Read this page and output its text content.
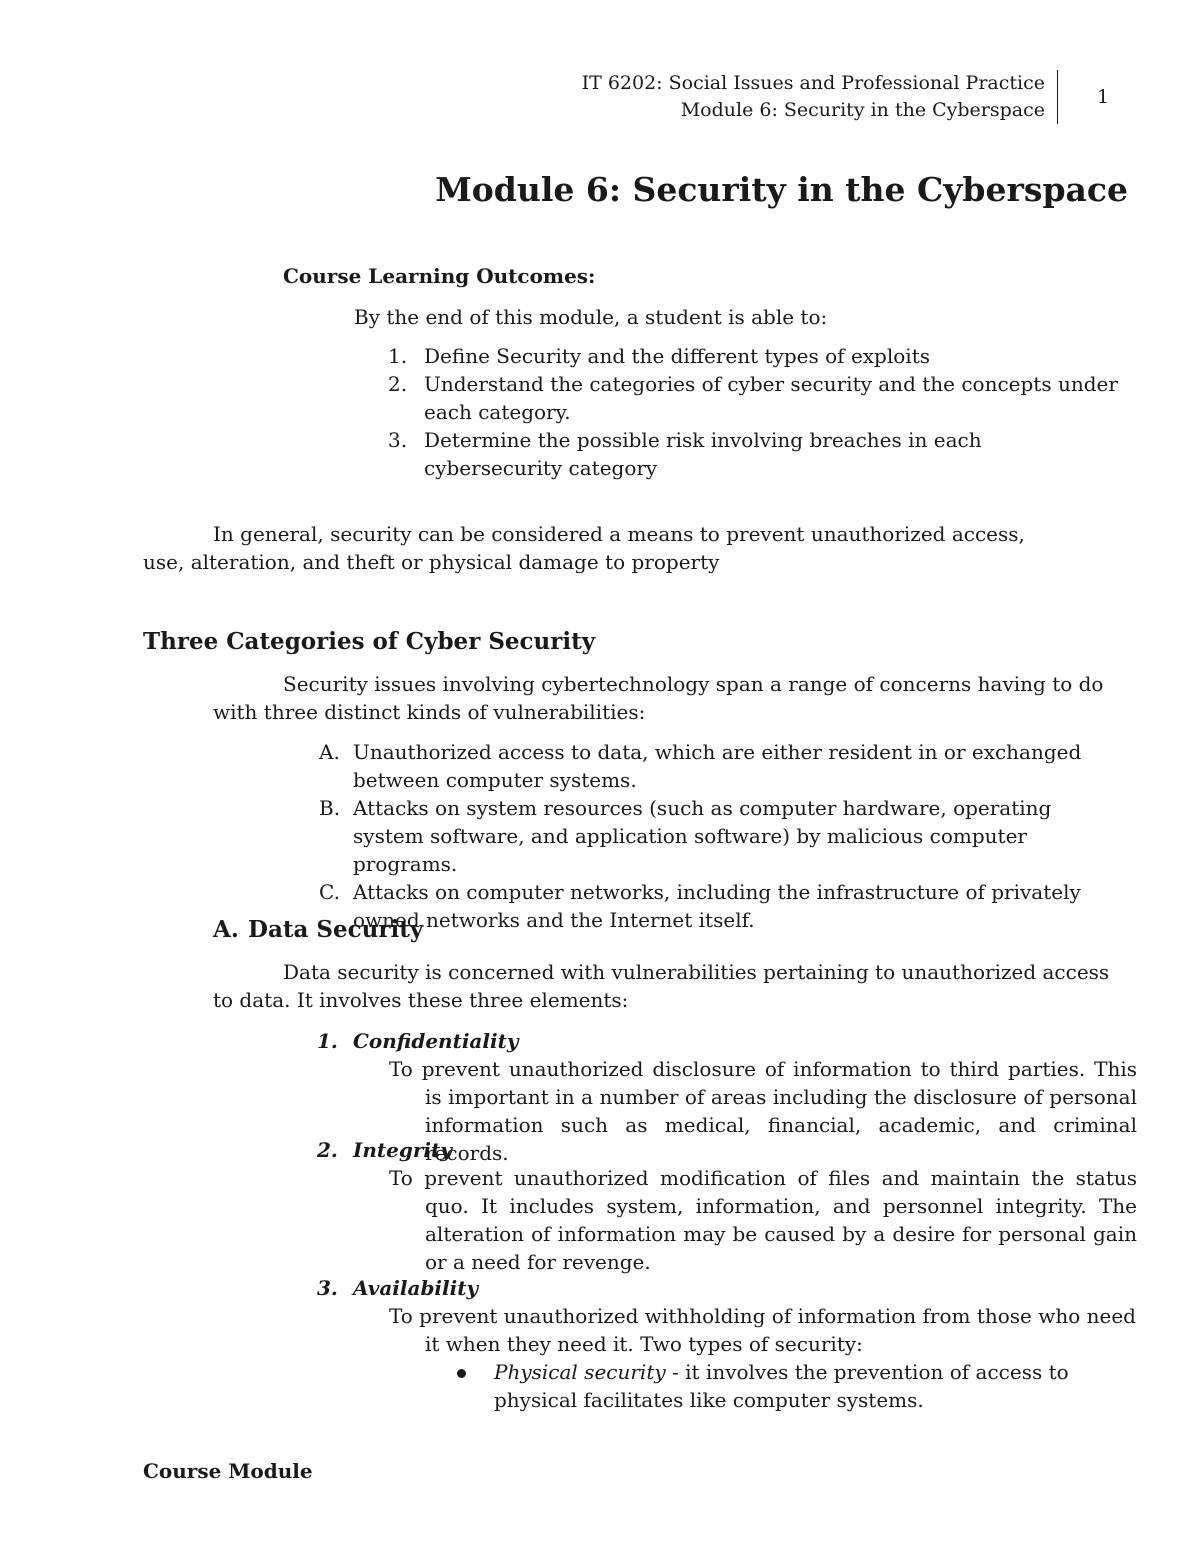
IT 6202: Social Issues and Professional Practice
Module 6: Security in the Cyberspace
1
Module 6: Security in the Cyberspace

Course Learning Outcomes:

By the end of this module, a student is able to:

1. Define Security and the different types of exploits
2. Understand the categories of cyber security and the concepts under each category.
3. Determine the possible risk involving breaches in each cybersecurity category

In general, security can be considered a means to prevent unauthorized access, use, alteration, and theft or physical damage to property

Three Categories of Cyber Security

Security issues involving cybertechnology span a range of concerns having to do with three distinct kinds of vulnerabilities:

A. Unauthorized access to data, which are either resident in or exchanged between computer systems.
B. Attacks on system resources (such as computer hardware, operating system software, and application software) by malicious computer programs.
C. Attacks on computer networks, including the infrastructure of privately owned networks and the Internet itself.
A. Data Security

Data security is concerned with vulnerabilities pertaining to unauthorized access to data. It involves these three elements:

1. Confidentiality
To prevent unauthorized disclosure of information to third parties. This is important in a number of areas including the disclosure of personal information such as medical, financial, academic, and criminal records.
2. Integrity
To prevent unauthorized modification of files and maintain the status quo. It includes system, information, and personnel integrity. The alteration of information may be caused by a desire for personal gain or a need for revenge.
3. Availability
To prevent unauthorized withholding of information from those who need it when they need it. Two types of security:
Physical security - it involves the prevention of access to physical facilitates like computer systems.

Course Module
